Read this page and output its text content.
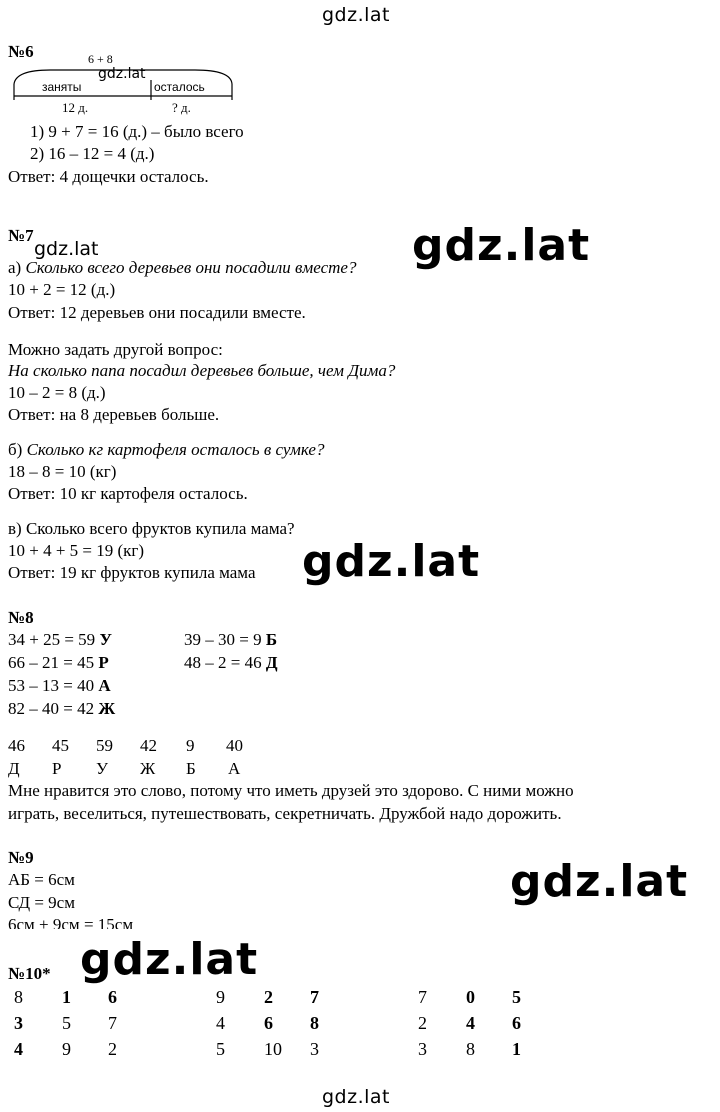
gdz.lat
№6	6 + 8
заняты	осталось
gdz.lat
12 д.	? д.
1) 9 + 7 = 16 (д.) – было всего
2) 16 – 12 = 4 (д.)
Ответ: 4 дощечки осталось.
№7
gdz.lat	gdz.lat
а) Сколько всего деревьев они посадили вместе?
10 + 2 = 12 (д.)
Ответ: 12 деревьев они посадили вместе.
Можно задать другой вопрос:
На сколько папа посадил деревьев больше, чем Дима?
10 – 2 = 8 (д.)
Ответ: на 8 деревьев больше.
б) Сколько кг картофеля осталось в сумке?
18 – 8 = 10 (кг)
Ответ: 10 кг картофеля осталось.
в) Сколько всего фруктов купила мама?
10 + 4 + 5 = 19 (кг)
Ответ: 19 кг фруктов купила мама gdz.lat
№8
34 + 25 = 59 У
66 – 21 = 45 Р
53 – 13 = 40 А
82 – 40 = 42 Ж
39 – 30 = 9 Б
48 – 2 = 46 Д
46 45 59 42 9 40
Д Р У Ж Б А
Мне нравится это слово, потому что иметь друзей это здорово. С ними можно
играть, веселиться, путешествовать, секретничать. Дружбой надо дорожить.
№9
АБ = 6см
СД = 9см
6см + 9см = 15см
gdz.lat
№10* gdz.lat
8	1	6
3	5	7
4	9	2
9	2	7
4	6	8
5	10	3
7	0	5
2	4	6
3	8	1
gdz.lat
